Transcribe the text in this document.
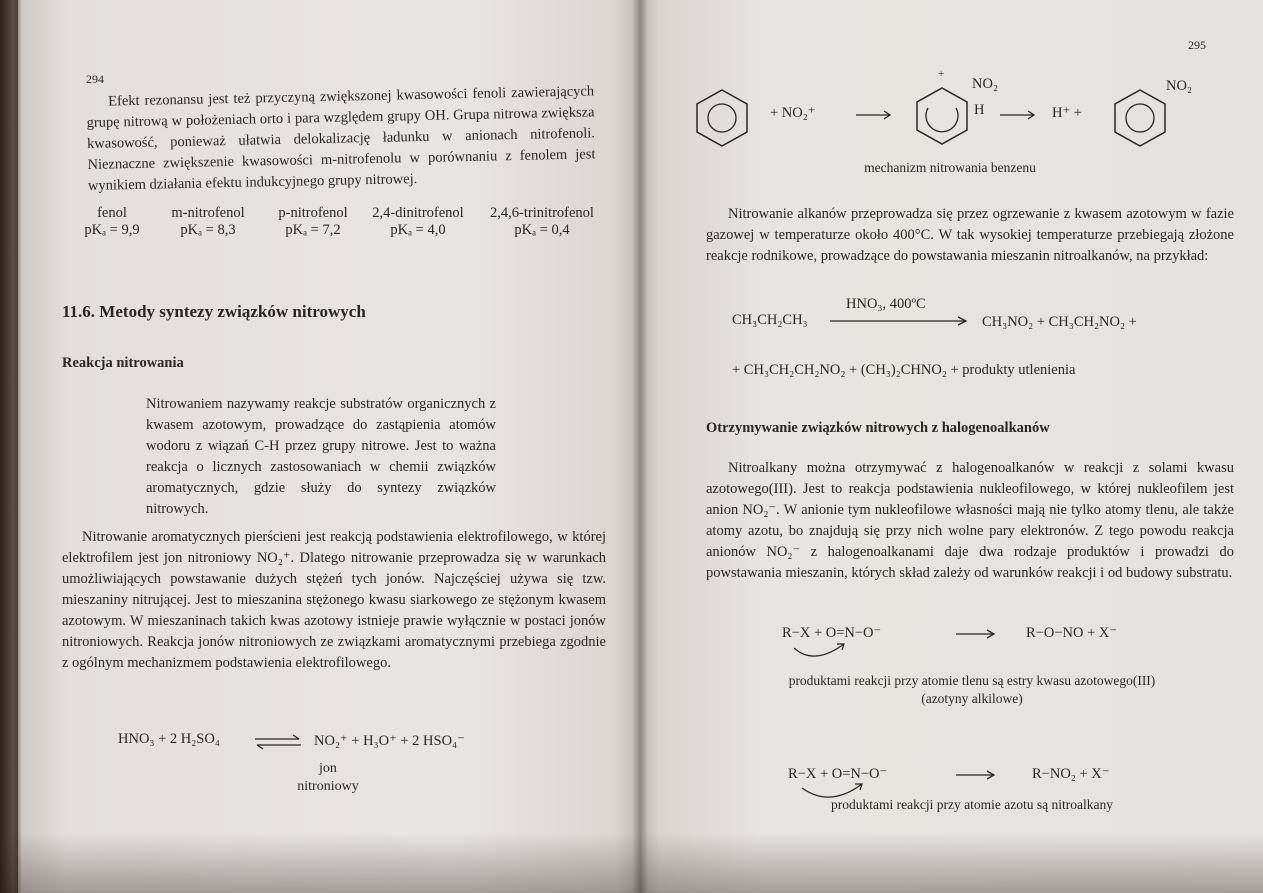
294

Efekt rezonansu jest też przyczyną zwiększonej kwasowości fenoli zawierających grupę nitrową w położeniach orto i para względem grupy OH. Grupa nitrowa zwiększa kwasowość, ponieważ ułatwia delokalizację ładunku w anionach nitrofenoli. Nieznaczne zwiększenie kwasowości m-nitrofenolu w porównaniu z fenolem jest wynikiem działania efektu indukcyjnego grupy nitrowej.

fenol
pKₐ = 9,9
m-nitrofenol
pKₐ = 8,3
p-nitrofenol
pKₐ = 7,2
2,4-dinitrofenol
pKₐ = 4,0
2,4,6-trinitrofenol
pKₐ = 0,4
11.6. Metody syntezy związków nitrowych
Reakcja nitrowania

Nitrowaniem nazywamy reakcje substratów organicznych z kwasem azotowym, prowadzące do zastąpienia atomów wodoru z wiązań C-H przez grupy nitrowe. Jest to ważna reakcja o licznych zastosowaniach w chemii związków aromatycznych, gdzie służy do syntezy związków nitrowych.

Nitrowanie aromatycznych pierścieni jest reakcją podstawienia elektrofilowego, w której elektrofilem jest jon nitroniowy NO₂⁺. Dlatego nitrowanie przeprowadza się w warunkach umożliwiających powstawanie dużych stężeń tych jonów. Najczęściej używa się tzw. mieszaniny nitrującej. Jest to mieszanina stężonego kwasu siarkowego ze stężonym kwasem azotowym. W mieszaninach takich kwas azotowy istnieje prawie wyłącznie w postaci jonów nitroniowych. Reakcja jonów nitroniowych ze związkami aromatycznymi przebiega zgodnie z ogólnym mechanizmem podstawienia elektrofilowego.

HNO₃ + 2 H₂SO₄ ⇌ NO₂⁺ + H₃O⁺ + 2 HSO₄⁻
jon nitroniowy
295
+ NO₂⁺
+
NO₂
H → H⁺ +
NO₂
mechanizm nitrowania benzenu

Nitrowanie alkanów przeprowadza się przez ogrzewanie z kwasem azotowym w fazie gazowej w temperaturze około 400°C. W tak wysokiej temperaturze przebiegają złożone reakcje rodnikowe, prowadzące do powstawania mieszanin nitroalkanów, na przykład:

CH₃CH₂CH₃
HNO₃, 400ºC
CH₃NO₂ + CH₃CH₂NO₂ +
+ CH₃CH₂CH₂NO₂ + (CH₃)₂CHNO₂ + produkty utlenienia
Otrzymywanie związków nitrowych z halogenoalkanów

Nitroalkany można otrzymywać z halogenoalkanów w reakcji z solami kwasu azotowego(III). Jest to reakcja podstawienia nukleofilowego, w której nukleofilem jest anion NO₂⁻. W anionie tym nukleofilowe własności mają nie tylko atomy tlenu, ale także atomy azotu, bo znajdują się przy nich wolne pary elektronów. Z tego powodu reakcja anionów NO₂⁻ z halogenoalkanami daje dwa rodzaje produktów i prowadzi do powstawania mieszanin, których skład zależy od warunków reakcji i od budowy substratu.

R−X + O=N−O⁻	R−O−NO + X⁻
produktami reakcji przy atomie tlenu są estry kwasu azotowego(III)
(azotyny alkilowe)
R−X + O=N−O⁻	R−NO₂ + X⁻
produktami reakcji przy atomie azotu są nitroalkany
